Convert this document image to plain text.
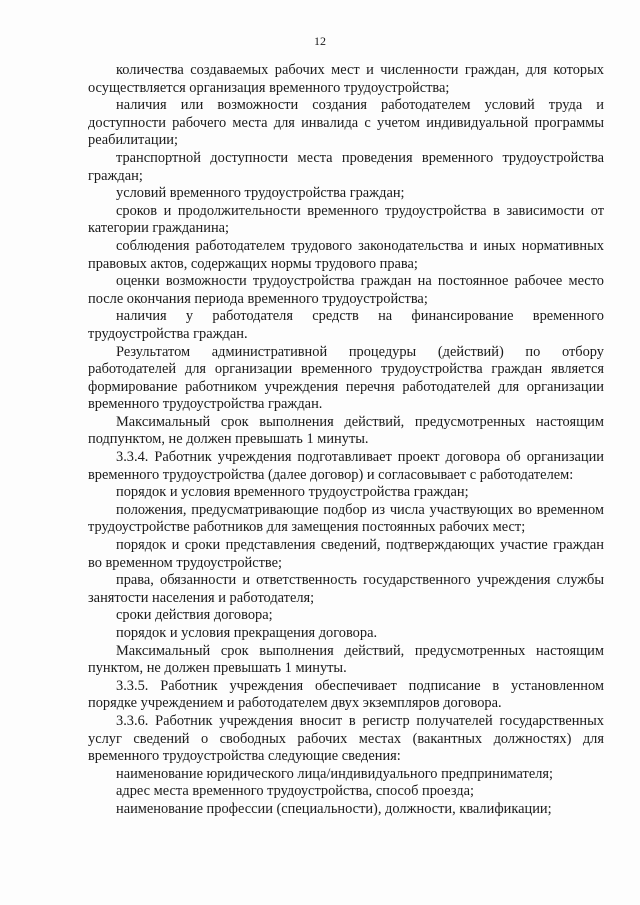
12

количества создаваемых рабочих мест и численности граждан, для которых осуществляется организация временного трудоустройства;

наличия или возможности создания работодателем условий труда и доступности рабочего места для инвалида с учетом индивидуальной программы реабилитации;

транспортной доступности места проведения временного трудоустройства граждан;

условий временного трудоустройства граждан;

сроков и продолжительности временного трудоустройства в зависимости от категории гражданина;

соблюдения работодателем трудового законодательства и иных нормативных правовых актов, содержащих нормы трудового права;

оценки возможности трудоустройства граждан на постоянное рабочее место после окончания периода временного трудоустройства;

наличия у работодателя средств на финансирование временного трудоустройства граждан.

Результатом административной процедуры (действий) по отбору работодателей для организации временного трудоустройства граждан является формирование работником учреждения перечня работодателей для организации временного трудоустройства граждан.

Максимальный срок выполнения действий, предусмотренных настоящим подпунктом, не должен превышать 1 минуты.

3.3.4. Работник учреждения подготавливает проект договора об организации временного трудоустройства (далее договор) и согласовывает с работодателем:

порядок и условия временного трудоустройства граждан;

положения, предусматривающие подбор из числа участвующих во временном трудоустройстве работников для замещения постоянных рабочих мест;

порядок и сроки представления сведений, подтверждающих участие граждан во временном трудоустройстве;

права, обязанности и ответственность государственного учреждения службы занятости населения и работодателя;

сроки действия договора;

порядок и условия прекращения договора.

Максимальный срок выполнения действий, предусмотренных настоящим пунктом, не должен превышать 1 минуты.

3.3.5. Работник учреждения обеспечивает подписание в установленном порядке учреждением и работодателем двух экземпляров договора.

3.3.6. Работник учреждения вносит в регистр получателей государственных услуг сведений о свободных рабочих местах (вакантных должностях) для временного трудоустройства следующие сведения:

наименование юридического лица/индивидуального предпринимателя;

адрес места временного трудоустройства, способ проезда;

наименование профессии (специальности), должности, квалификации;
